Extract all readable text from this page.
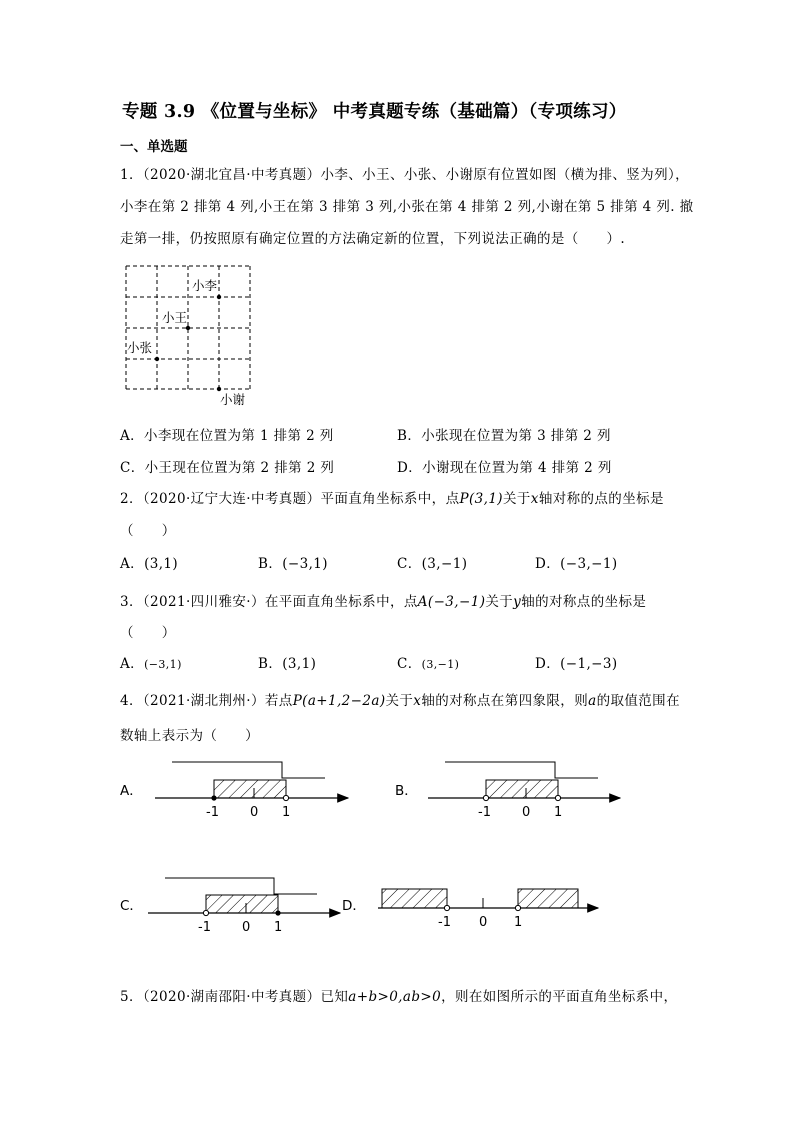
专题 3.9 《位置与坐标》 中考真题专练（基础篇）（专项练习）
一、单选题
1．（2020·湖北宜昌·中考真题）小李、小王、小张、小谢原有位置如图（横为排、竖为列），
小李在第 2 排第 4 列,小王在第 3 排第 3 列,小张在第 4 排第 2 列,小谢在第 5 排第 4 列. 撤
走第一排，仍按照原有确定位置的方法确定新的位置，下列说法正确的是（　　）.
小李
小王
小张
小谢
A．小李现在位置为第 1 排第 2 列	B．小张现在位置为第 3 排第 2 列
C．小王现在位置为第 2 排第 2 列	D．小谢现在位置为第 4 排第 2 列
2．（2020·辽宁大连·中考真题）平面直角坐标系中，点P(3,1)关于x轴对称的点的坐标是
（　　）
A．(3,1)	B．(−3,1)	C．(3,−1)	D．(−3,−1)
3．（2021·四川雅安·）在平面直角坐标系中，点A(−3,−1)关于y轴的对称点的坐标是
（　　）
A．(−3,1)	B．(3,1)	C．(3,−1)	D．(−1,−3)
4．（2021·湖北荆州·）若点P(a+1,2−2a)关于x轴的对称点在第四象限，则a的取值范围在
数轴上表示为（　　）
A．
-1 0 1
B．
-1 0 1
C．
-1 0 1
D．
-1 0 1
5．（2020·湖南邵阳·中考真题）已知a+b>0,ab>0，则在如图所示的平面直角坐标系中，
